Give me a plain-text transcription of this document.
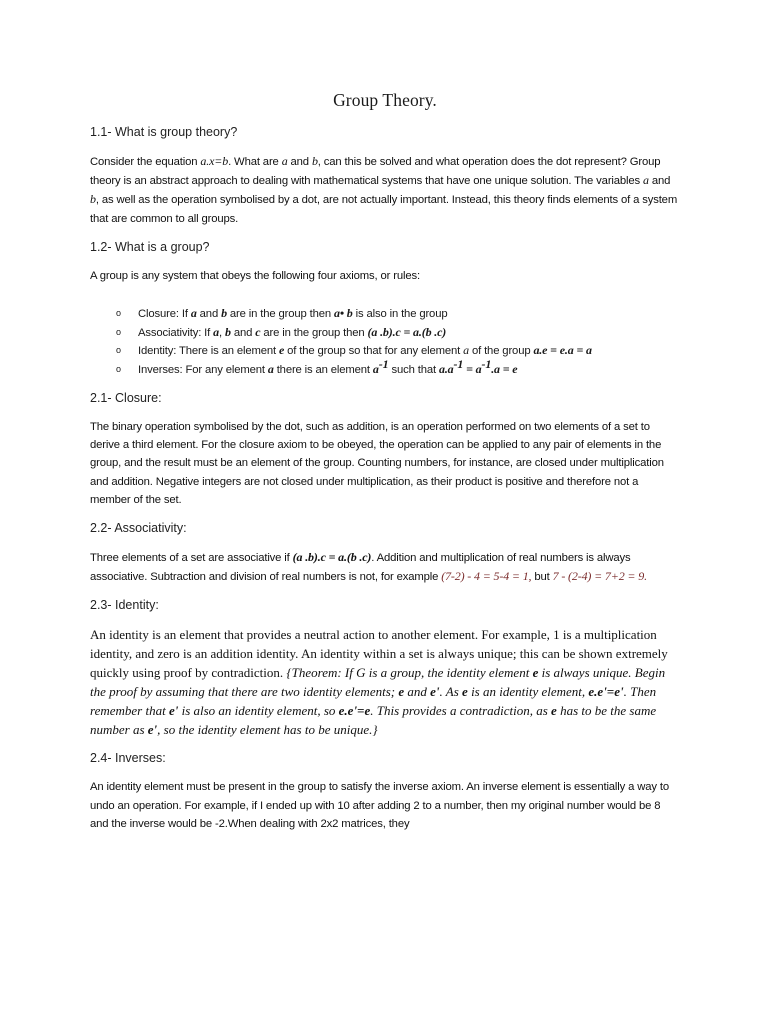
Group Theory.
1.1- What is group theory?

Consider the equation a.x=b. What are a and b, can this be solved and what operation does the dot represent? Group theory is an abstract approach to dealing with mathematical systems that have one unique solution. The variables a and b, as well as the operation symbolised by a dot, are not actually important. Instead, this theory finds elements of a system that are common to all groups.

1.2- What is a group?

A group is any system that obeys the following four axioms, or rules:

o Closure: If a and b are in the group then a• b is also in the group
o Associativity: If a, b and c are in the group then (a .b).c = a.(b .c)
o Identity: There is an element e of the group so that for any element a of the group a.e = e.a = a
o Inverses: For any element a there is an element $a^{-1}$ such that $a.a^{-1} = a^{-1}.a = e$
2.1- Closure:

The binary operation symbolised by the dot, such as addition, is an operation performed on two elements of a set to derive a third element. For the closure axiom to be obeyed, the operation can be applied to any pair of elements in the group, and the result must be an element of the group. Counting numbers, for instance, are closed under multiplication and addition. Negative integers are not closed under multiplication, as their product is positive and therefore not a member of the set.

2.2- Associativity:

Three elements of a set are associative if (a .b).c = a.(b .c). Addition and multiplication of real numbers is always associative. Subtraction and division of real numbers is not, for example (7-2) - 4 = 5-4 = 1, but 7 - (2-4) = 7+2 = 9.

2.3- Identity:

An identity is an element that provides a neutral action to another element. For example, 1 is a multiplication identity, and zero is an addition identity. An identity within a set is always unique; this can be shown extremely quickly using proof by contradiction. {Theorem: If G is a group, the identity element e is always unique. Begin the proof by assuming that there are two identity elements; e and e'. As e is an identity element, e.e'=e'. Then remember that e' is also an identity element, so e.e'=e. This provides a contradiction, as e has to be the same number as e', so the identity element has to be unique.}

2.4- Inverses:

An identity element must be present in the group to satisfy the inverse axiom. An inverse element is essentially a way to undo an operation. For example, if I ended up with 10 after adding 2 to a number, then my original number would be 8 and the inverse would be -2.When dealing with 2x2 matrices, they
